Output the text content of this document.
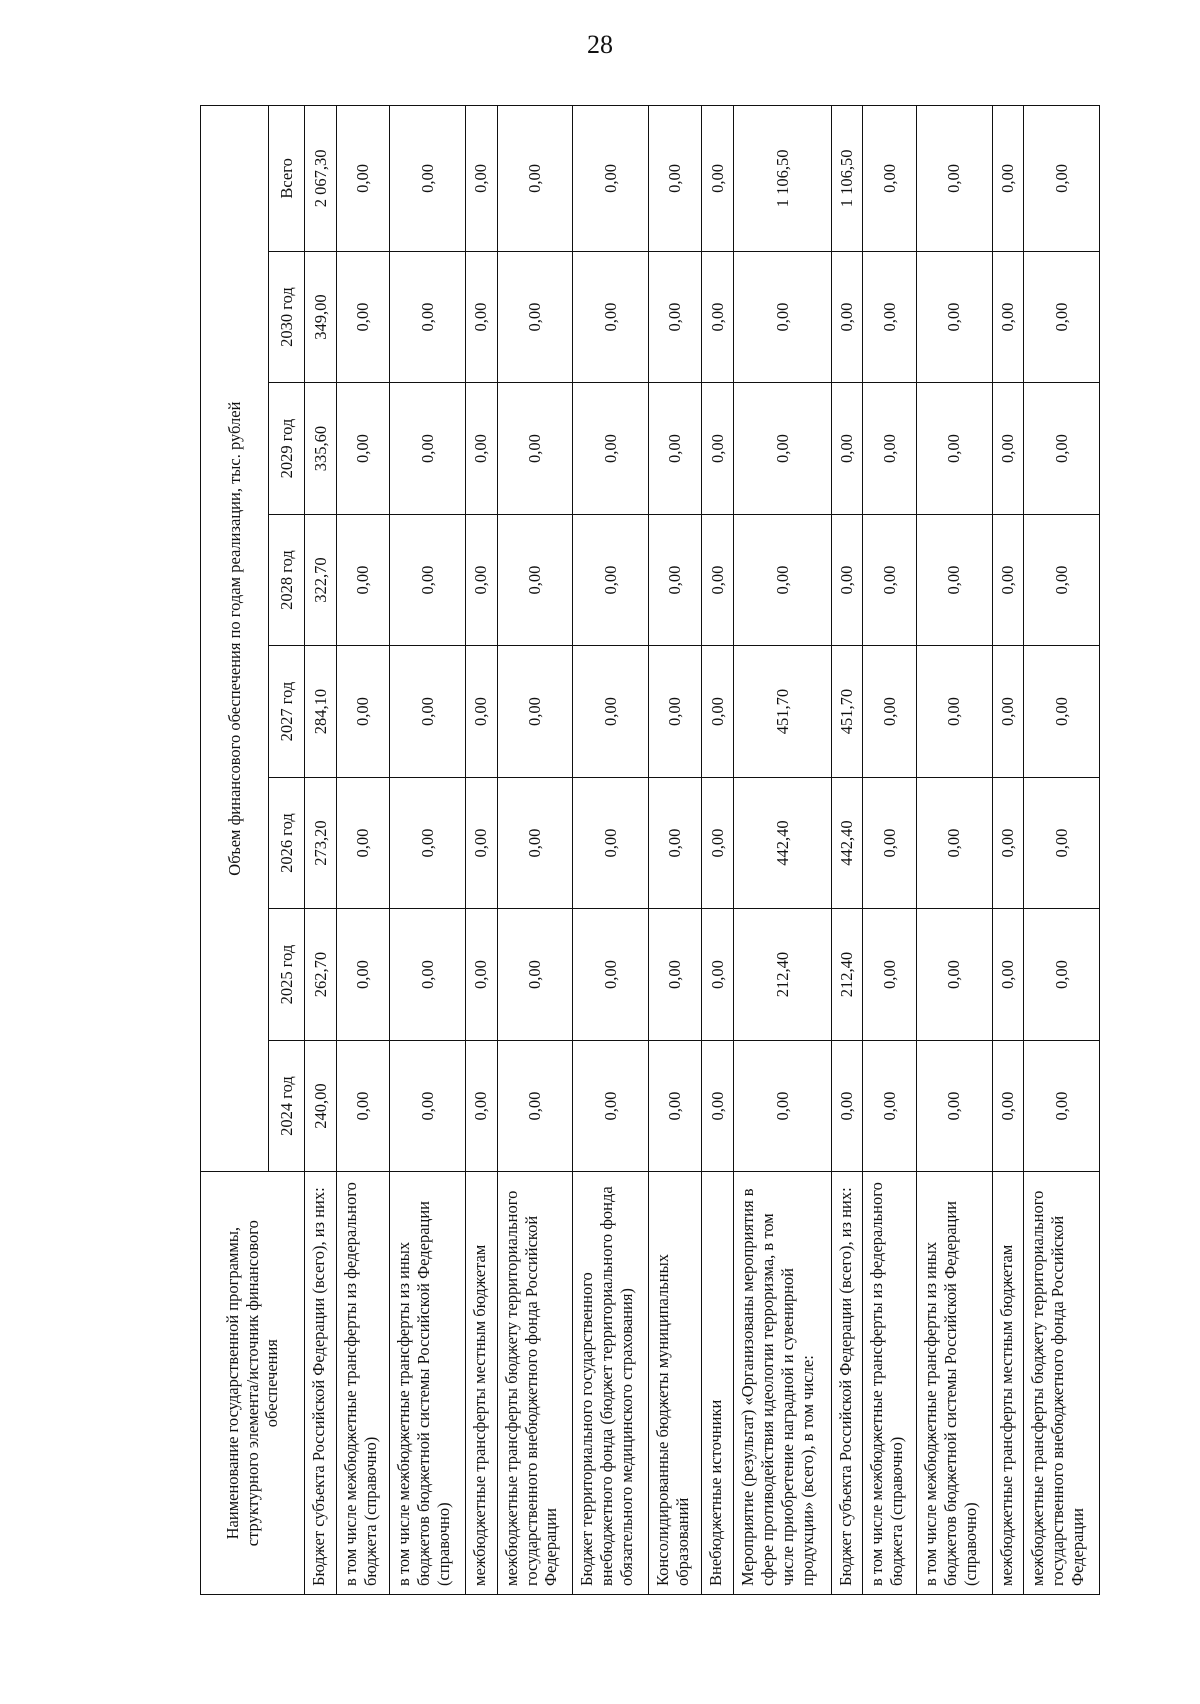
28
Наименование государственной программы, структурного элемента/источник финансового обеспечения	Объем финансового обеспечения по годам реализации, тыс. рублей							
	2024 год	2025 год	2026 год	2027 год	2028 год	2029 год	2030 год	Всего
Бюджет субъекта Российской Федерации (всего), из них:	240,00	262,70	273,20	284,10	322,70	335,60	349,00	2 067,30
в том числе межбюджетные трансферты из федерального бюджета (справочно)	0,00	0,00	0,00	0,00	0,00	0,00	0,00	0,00
в том числе межбюджетные трансферты из иных бюджетов бюджетной системы Российской Федерации (справочно)	0,00	0,00	0,00	0,00	0,00	0,00	0,00	0,00
межбюджетные трансферты местным бюджетам	0,00	0,00	0,00	0,00	0,00	0,00	0,00	0,00
межбюджетные трансферты бюджету территориального государственного внебюджетного фонда Российской Федерации	0,00	0,00	0,00	0,00	0,00	0,00	0,00	0,00
Бюджет территориального государственного внебюджетного фонда (бюджет территориального фонда обязательного медицинского страхования)	0,00	0,00	0,00	0,00	0,00	0,00	0,00	0,00
Консолидированные бюджеты муниципальных образований	0,00	0,00	0,00	0,00	0,00	0,00	0,00	0,00
Внебюджетные источники	0,00	0,00	0,00	0,00	0,00	0,00	0,00	0,00
Мероприятие (результат) «Организованы мероприятия в сфере противодействия идеологии терроризма, в том числе приобретение наградной и сувенирной продукции» (всего), в том числе:	0,00	212,40	442,40	451,70	0,00	0,00	0,00	1 106,50
Бюджет субъекта Российской Федерации (всего), из них:	0,00	212,40	442,40	451,70	0,00	0,00	0,00	1 106,50
в том числе межбюджетные трансферты из федерального бюджета (справочно)	0,00	0,00	0,00	0,00	0,00	0,00	0,00	0,00
в том числе межбюджетные трансферты из иных бюджетов бюджетной системы Российской Федерации (справочно)	0,00	0,00	0,00	0,00	0,00	0,00	0,00	0,00
межбюджетные трансферты местным бюджетам	0,00	0,00	0,00	0,00	0,00	0,00	0,00	0,00
межбюджетные трансферты бюджету территориального государственного внебюджетного фонда Российской Федерации	0,00	0,00	0,00	0,00	0,00	0,00	0,00	0,00
